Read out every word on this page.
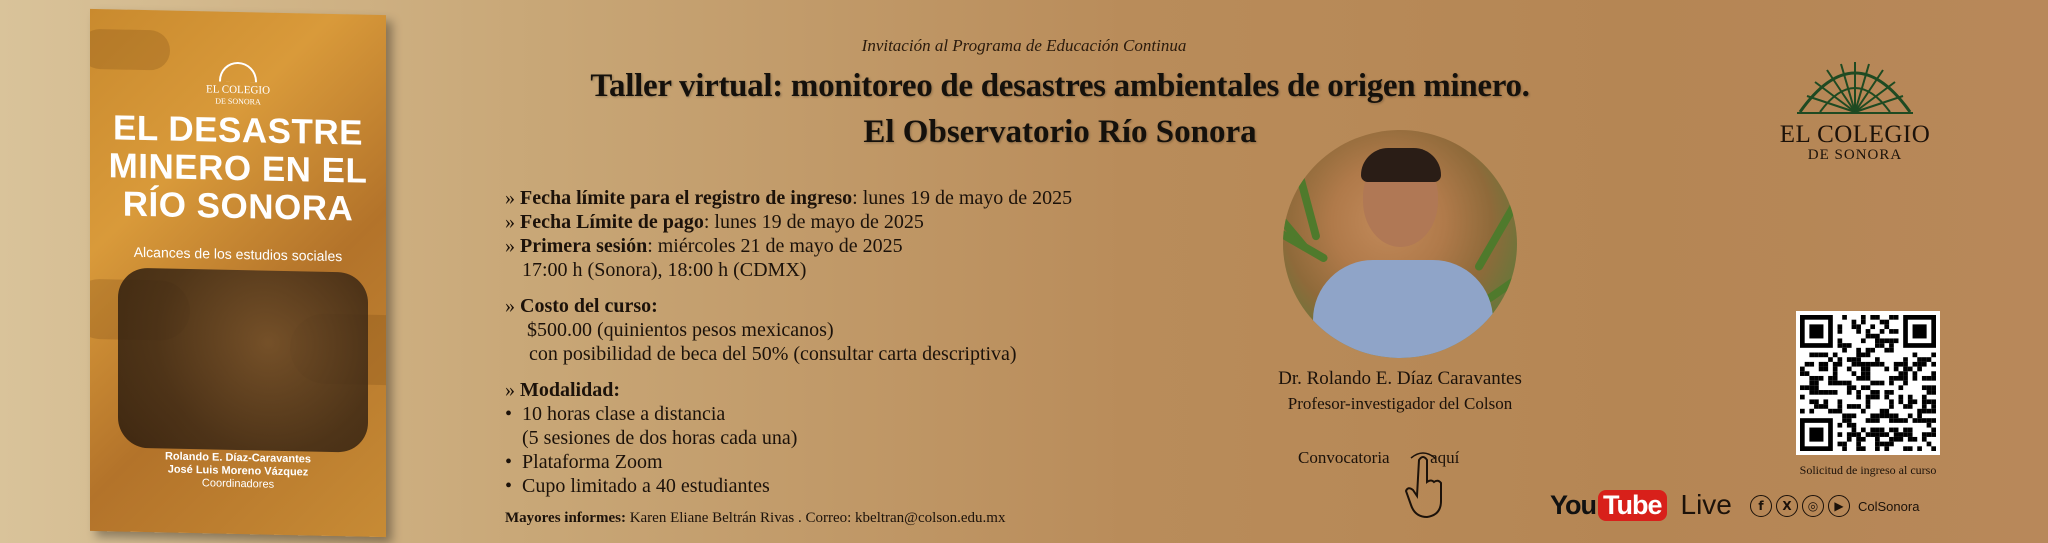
EL COLEGIO
DE SONORA
EL DESASTRE
MINERO EN EL
RÍO SONORA
Alcances de los estudios sociales
Rolando E. Díaz-Caravantes
José Luis Moreno Vázquez
Coordinadores
Invitación al Programa de Educación Continua
Taller virtual: monitoreo de desastres ambientales de origen minero.
El Observatorio Río Sonora
» Fecha límite para el registro de ingreso: lunes 19 de mayo de 2025
» Fecha Límite de pago: lunes 19 de mayo de 2025
» Primera sesión: miércoles 21 de mayo de 2025
17:00 h (Sonora), 18:00 h (CDMX)
» Costo del curso:
$500.00 (quinientos pesos mexicanos)
con posibilidad de beca del 50% (consultar carta descriptiva)
» Modalidad:
• 10 horas clase a distancia
(5 sesiones de dos horas cada una)
• Plataforma Zoom
• Cupo limitado a 40 estudiantes
Mayores informes: Karen Eliane Beltrán Rivas . Correo: kbeltran@colson.edu.mx
Dr. Rolando E. Díaz Caravantes
Profesor-investigador del Colson
Convocatoria aquí
EL COLEGIO
DE SONORA
Solicitud de ingreso al curso
You Tube Live	f	X	◎	▶	ColSonora
